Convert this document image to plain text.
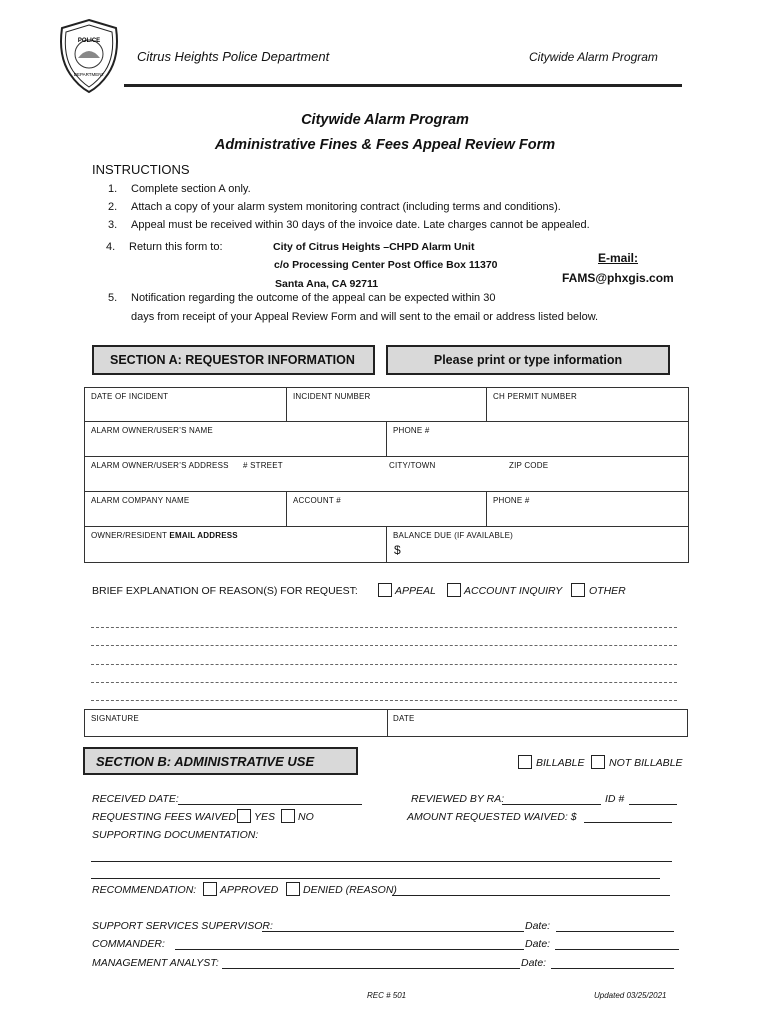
POLICE
DEPARTMENT
Citrus Heights Police Department	Citywide Alarm Program
Citywide Alarm Program
Administrative Fines & Fees Appeal Review Form
INSTRUCTIONS
1. Complete section A only.
2. Attach a copy of your alarm system monitoring contract (including terms and conditions).
3. Appeal must be received within 30 days of the invoice date. Late charges cannot be appealed.
4. Return this form to:	City of Citrus Heights –CHPD Alarm Unit
c/o Processing Center Post Office Box 11370
Santa Ana, CA 92711
E-mail:
FAMS@phxgis.com
5. Notification regarding the outcome of the appeal can be expected within 30
days from receipt of your Appeal Review Form and will sent to the email or address listed below.
SECTION A: REQUESTOR INFORMATION	Please print or type information
DATE OF INCIDENT	INCIDENT NUMBER	CH PERMIT NUMBER
ALARM OWNER/USER’S NAME	PHONE #
ALARM OWNER/USER’S ADDRESS # STREET	CITY/TOWN	ZIP CODE
ALARM COMPANY NAME	ACCOUNT #	PHONE #
OWNER/RESIDENT EMAIL ADDRESS	BALANCE DUE (IF AVAILABLE)
$
BRIEF EXPLANATION OF REASON(S) FOR REQUEST:	APPEAL	ACCOUNT INQUIRY	OTHER
SIGNATURE	DATE
SECTION B: ADMINISTRATIVE USE	BILLABLE NOT BILLABLE
RECEIVED DATE:	REVIEWED BY RA:	ID #
REQUESTING FEES WAIVED YES NO	AMOUNT REQUESTED WAIVED: $
SUPPORTING DOCUMENTATION:
RECOMMENDATION: APPROVED DENIED (REASON)
SUPPORT SERVICES SUPERVISOR:	Date:
COMMANDER:	Date:
MANAGEMENT ANALYST:	Date:
REC # 501	Updated 03/25/2021
